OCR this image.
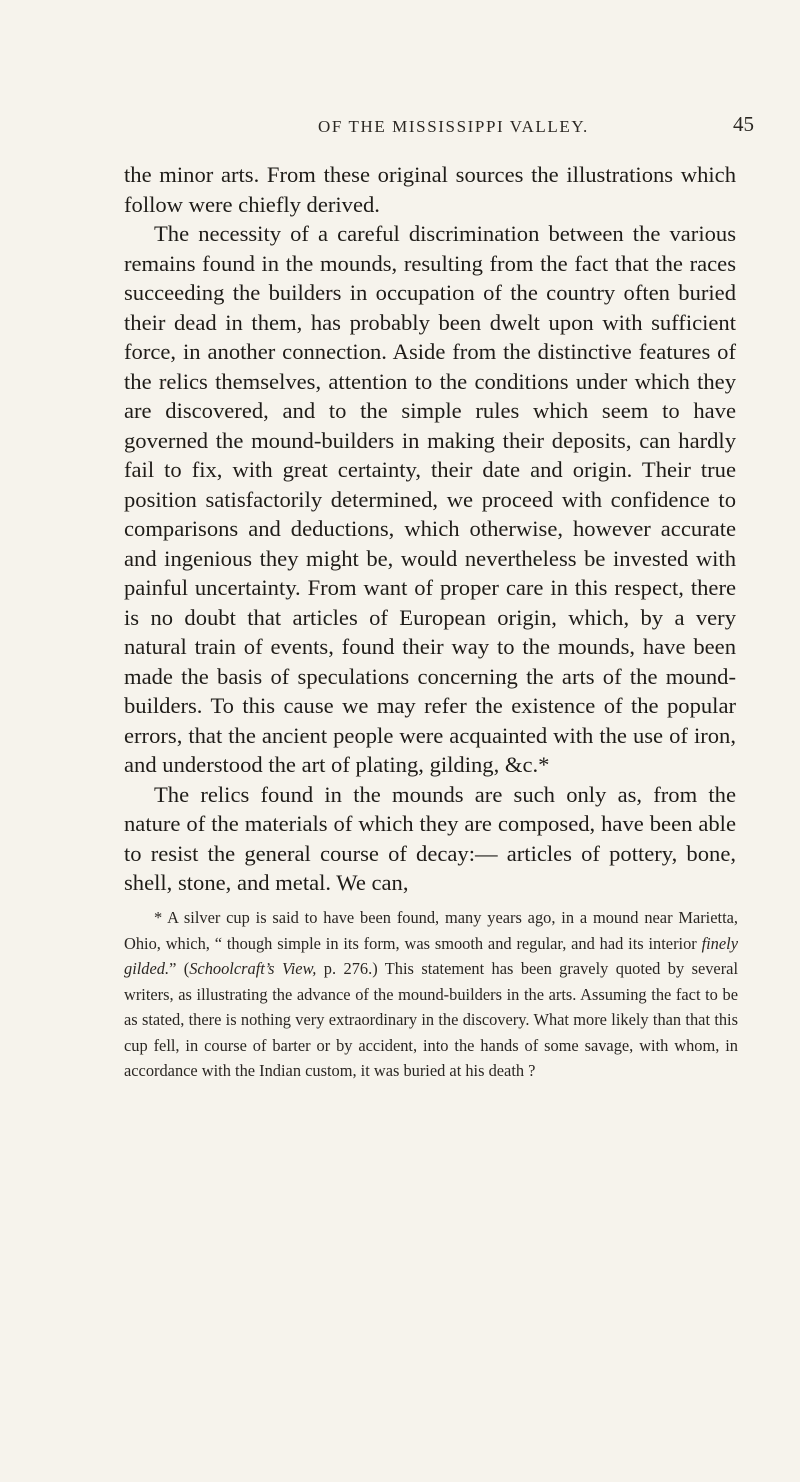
OF THE MISSISSIPPI VALLEY.	45

the minor arts. From these original sources the illustrations which follow were chiefly derived.

The necessity of a careful discrimination between the various remains found in the mounds, resulting from the fact that the races succeeding the builders in occupation of the country often buried their dead in them, has probably been dwelt upon with sufficient force, in another connection. Aside from the distinctive features of the relics themselves, attention to the conditions under which they are discovered, and to the simple rules which seem to have governed the mound-builders in making their deposits, can hardly fail to fix, with great certainty, their date and origin. Their true position satisfactorily determined, we proceed with confidence to comparisons and deductions, which otherwise, however accurate and ingenious they might be, would nevertheless be invested with painful uncertainty. From want of proper care in this respect, there is no doubt that articles of European origin, which, by a very natural train of events, found their way to the mounds, have been made the basis of speculations concerning the arts of the mound-builders. To this cause we may refer the existence of the popular errors, that the ancient people were acquainted with the use of iron, and understood the art of plating, gilding, &c.*

The relics found in the mounds are such only as, from the nature of the materials of which they are composed, have been able to resist the general course of decay:— articles of pottery, bone, shell, stone, and metal. We can,

* A silver cup is said to have been found, many years ago, in a mound near Marietta, Ohio, which, “ though simple in its form, was smooth and regular, and had its interior finely gilded.” (Schoolcraft’s View, p. 276.) This statement has been gravely quoted by several writers, as illustrating the advance of the mound-builders in the arts. Assuming the fact to be as stated, there is nothing very extraordinary in the discovery. What more likely than that this cup fell, in course of barter or by accident, into the hands of some savage, with whom, in accordance with the Indian custom, it was buried at his death ?
